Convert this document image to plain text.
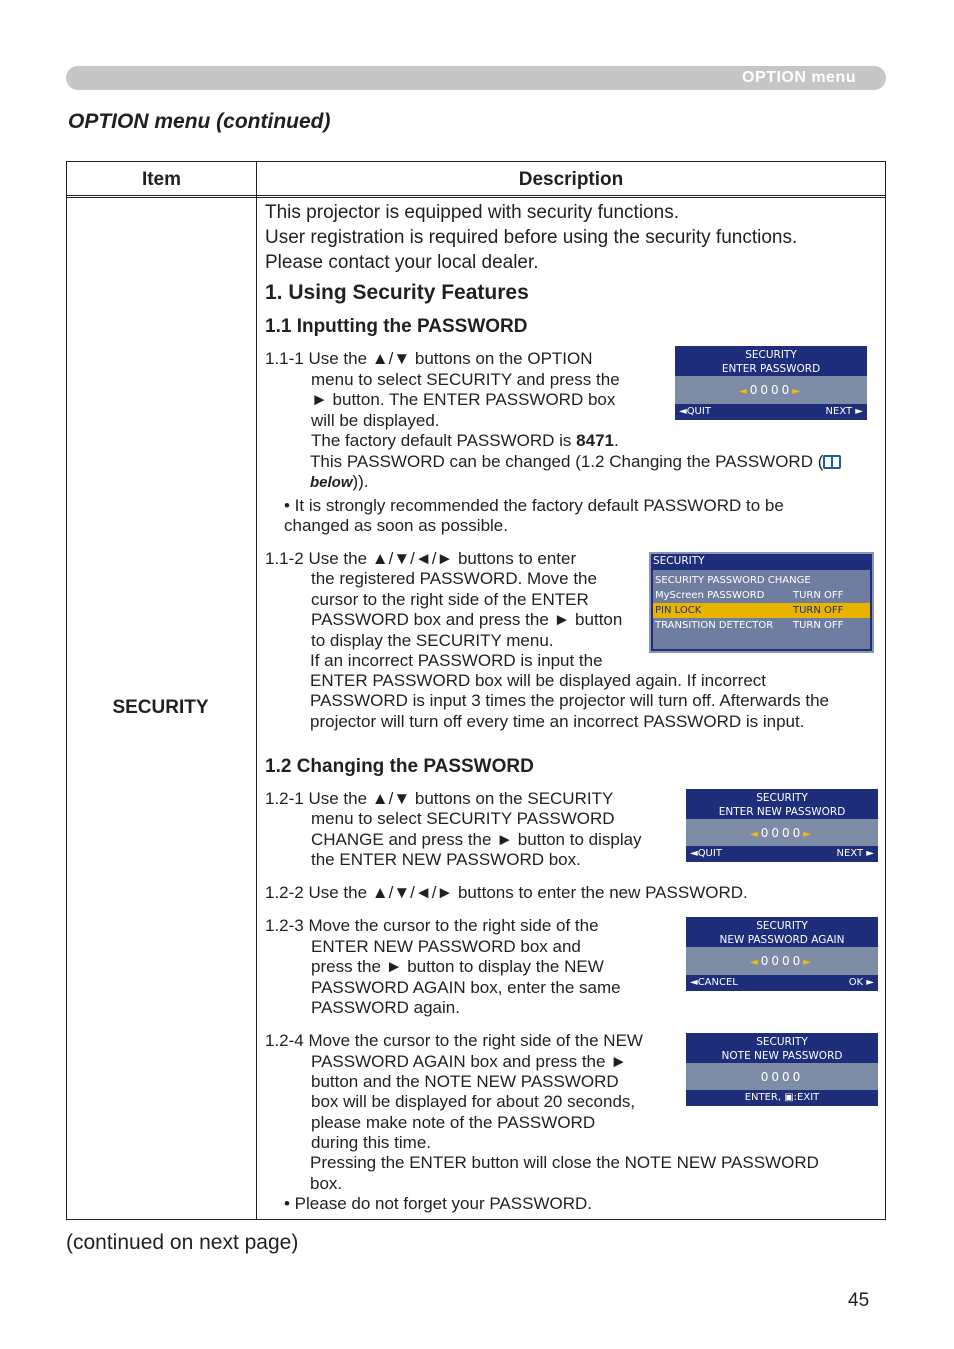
OPTION menu
OPTION menu (continued)
Item	Description
SECURITY
This projector is equipped with security functions.
User registration is required before using the security functions.
Please contact your local dealer.
1. Using Security Features
1.1 Inputting the PASSWORD
1.1-1 Use the ▲/▼ buttons on the OPTION
menu to select SECURITY and press the
► button. The ENTER PASSWORD box
will be displayed.
The factory default PASSWORD is 8471.
This PASSWORD can be changed (1.2 Changing the PASSWORD (
below)).
• It is strongly recommended the factory default PASSWORD to be
changed as soon as possible.
SECURITY
ENTER PASSWORD
◄0000►
◄QUIT	NEXT ►
1.1-2 Use the ▲/▼/◄/► buttons to enter
the registered PASSWORD. Move the
cursor to the right side of the ENTER
PASSWORD box and press the ► button
to display the SECURITY menu.
If an incorrect PASSWORD is input the
ENTER PASSWORD box will be displayed again. If incorrect
PASSWORD is input 3 times the projector will turn off. Afterwards the
projector will turn off every time an incorrect PASSWORD is input.
SECURITY
SECURITY PASSWORD CHANGE
MyScreen PASSWORD	TURN OFF
PIN LOCK	TURN OFF
TRANSITION DETECTOR TURN OFF
1.2 Changing the PASSWORD
1.2-1 Use the ▲/▼ buttons on the SECURITY
menu to select SECURITY PASSWORD
CHANGE and press the ► button to display
the ENTER NEW PASSWORD box.
SECURITY
ENTER NEW PASSWORD
◄0000►
◄QUIT	NEXT ►
1.2-2 Use the ▲/▼/◄/► buttons to enter the new PASSWORD.
1.2-3 Move the cursor to the right side of the
ENTER NEW PASSWORD box and
press the ► button to display the NEW
PASSWORD AGAIN box, enter the same
PASSWORD again.
SECURITY
NEW PASSWORD AGAIN
◄0000►
◄CANCEL	OK ►
1.2-4 Move the cursor to the right side of the NEW
PASSWORD AGAIN box and press the ►
button and the NOTE NEW PASSWORD
box will be displayed for about 20 seconds,
please make note of the PASSWORD
during this time.
Pressing the ENTER button will close the NOTE NEW PASSWORD
box.
• Please do not forget your PASSWORD.
SECURITY
NOTE NEW PASSWORD
0000
ENTER, ▣:EXIT
(continued on next page)
45
